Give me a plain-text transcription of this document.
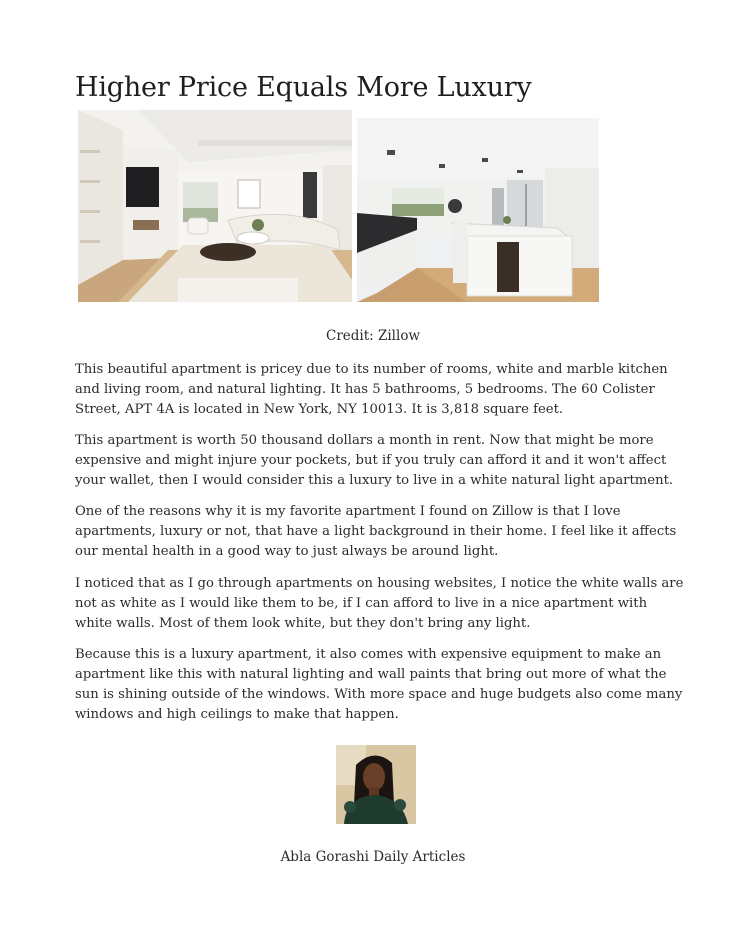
Higher Price Equals More Luxury
Credit: Zillow

This beautiful apartment is pricey due to its number of rooms, white and marble kitchen and living room, and natural lighting. It has 5 bathrooms, 5 bedrooms. The 60 Colister Street, APT 4A is located in New York, NY 10013. It is 3,818 square feet.

This apartment is worth 50 thousand dollars a month in rent. Now that might be more expensive and might injure your pockets, but if you truly can afford it and it won't affect your wallet, then I would consider this a luxury to live in a white natural light apartment.

One of the reasons why it is my favorite apartment I found on Zillow is that I love apartments, luxury or not, that have a light background in their home. I feel like it affects our mental health in a good way to just always be around light.

I noticed that as I go through apartments on housing websites, I notice the white walls are not as white as I would like them to be, if I can afford to live in a nice apartment with white walls. Most of them look white, but they don't bring any light.

Because this is a luxury apartment, it also comes with expensive equipment to make an apartment like this with natural lighting and wall paints that bring out more of what the sun is shining outside of the windows. With more space and huge budgets also come many windows and high ceilings to make that happen.

Abla Gorashi Daily Articles
